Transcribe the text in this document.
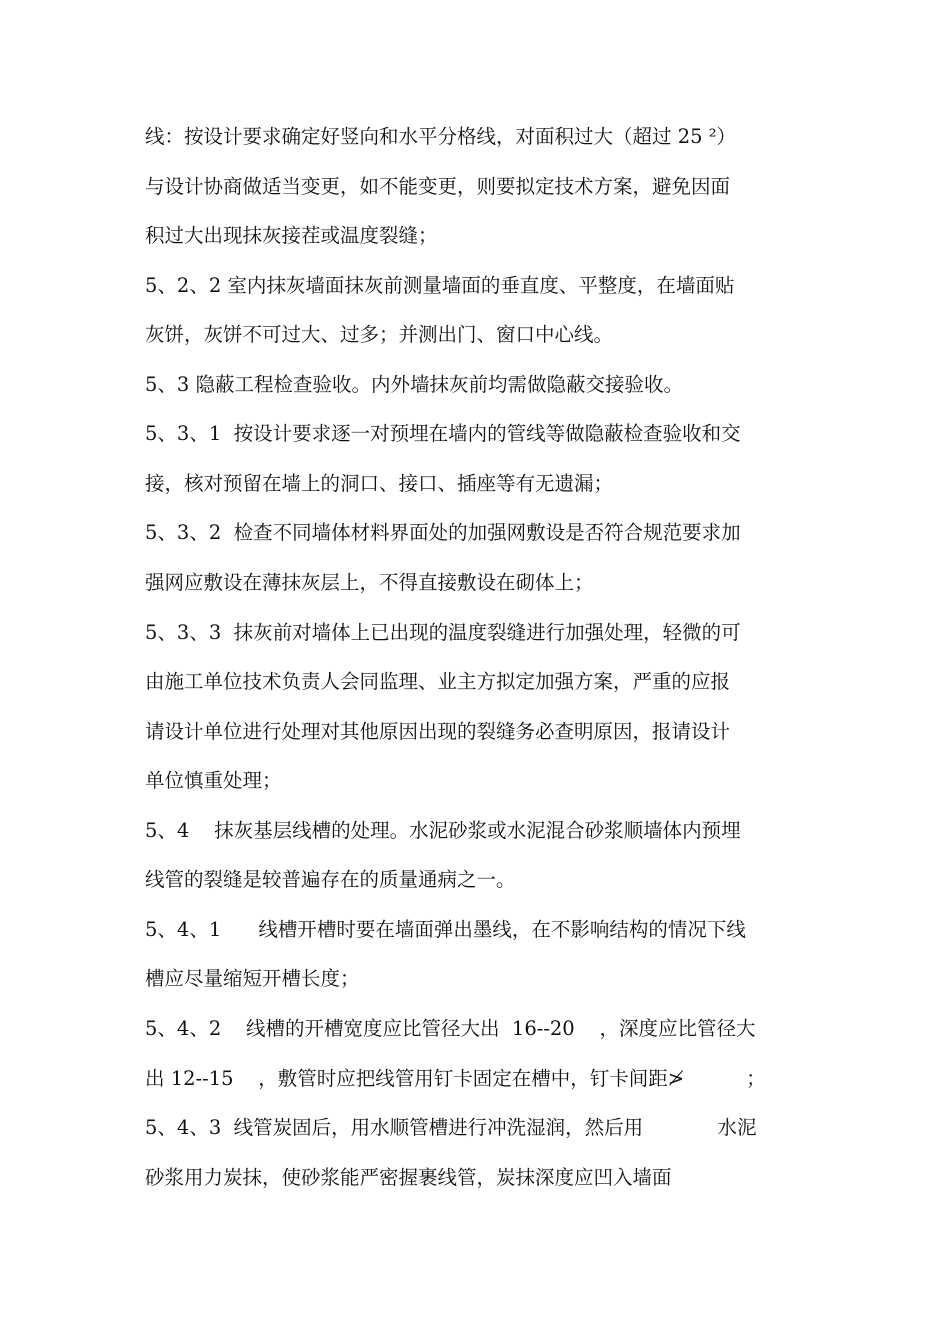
线：按设计要求确定好竖向和水平分格线，对面积过大（超过 25 ²）
与设计协商做适当变更，如不能变更，则要拟定技术方案，避免因面
积过大出现抹灰接茬或温度裂缝；
5、2、2 室内抹灰墙面抹灰前测量墙面的垂直度、平整度，在墙面贴
灰饼，灰饼不可过大、过多；并测出门、窗口中心线。
5、3 隐蔽工程检查验收。内外墙抹灰前均需做隐蔽交接验收。
5、3、1  按设计要求逐一对预埋在墙内的管线等做隐蔽检查验收和交
接，核对预留在墙上的洞口、接口、插座等有无遗漏；
5、3、2  检查不同墙体材料界面处的加强网敷设是否符合规范要求加
强网应敷设在薄抹灰层上，不得直接敷设在砌体上；
5、3、3  抹灰前对墙体上已出现的温度裂缝进行加强处理，轻微的可
由施工单位技术负责人会同监理、业主方拟定加强方案，严重的应报
请设计单位进行处理对其他原因出现的裂缝务必查明原因，报请设计
单位慎重处理；
5、4    抹灰基层线槽的处理。水泥砂浆或水泥混合砂浆顺墙体内预埋
线管的裂缝是较普遍存在的质量通病之一。
5、4、1      线槽开槽时要在墙面弹出墨线，在不影响结构的情况下线
槽应尽量缩短开槽长度；
5、4、2    线槽的开槽宽度应比管径大出  16--20    ，深度应比管径大
出 12--15    ，敷管时应把线管用钉卡固定在槽中，钉卡间距≯          ；
5、4、3  线管炭固后，用水顺管槽进行冲洗湿润，然后用            水泥
砂浆用力炭抹，使砂浆能严密握裹线管，炭抹深度应凹入墙面
